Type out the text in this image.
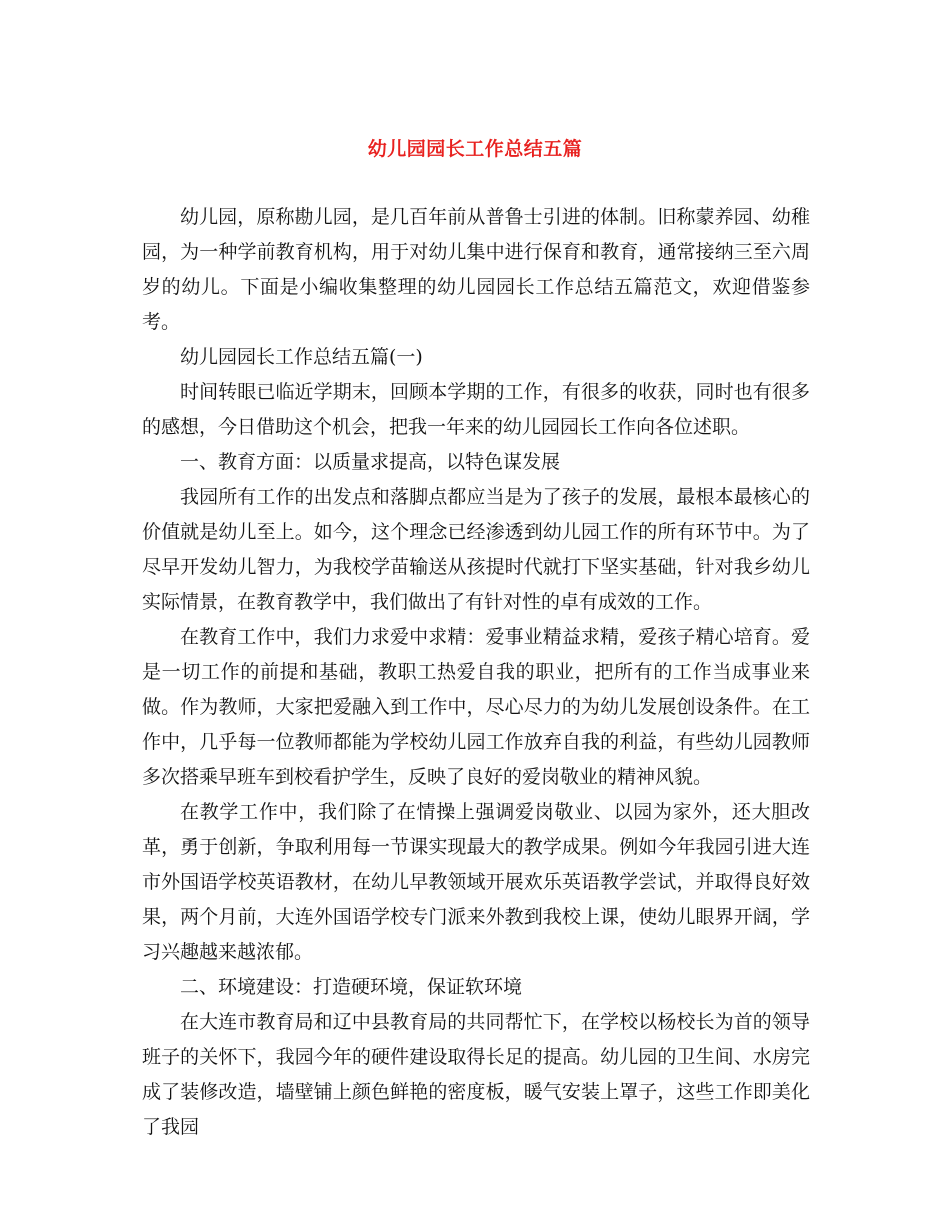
幼儿园园长工作总结五篇

幼儿园，原称勘儿园，是几百年前从普鲁士引进的体制。旧称蒙养园、幼稚园，为一种学前教育机构，用于对幼儿集中进行保育和教育，通常接纳三至六周岁的幼儿。下面是小编收集整理的幼儿园园长工作总结五篇范文，欢迎借鉴参考。

幼儿园园长工作总结五篇(一)

时间转眼已临近学期末，回顾本学期的工作，有很多的收获，同时也有很多的感想，今日借助这个机会，把我一年来的幼儿园园长工作向各位述职。

一、教育方面：以质量求提高，以特色谋发展

我园所有工作的出发点和落脚点都应当是为了孩子的发展，最根本最核心的价值就是幼儿至上。如今，这个理念已经渗透到幼儿园工作的所有环节中。为了尽早开发幼儿智力，为我校学苗输送从孩提时代就打下坚实基础，针对我乡幼儿实际情景，在教育教学中，我们做出了有针对性的卓有成效的工作。

在教育工作中，我们力求爱中求精：爱事业精益求精，爱孩子精心培育。爱是一切工作的前提和基础，教职工热爱自我的职业，把所有的工作当成事业来做。作为教师，大家把爱融入到工作中，尽心尽力的为幼儿发展创设条件。在工作中，几乎每一位教师都能为学校幼儿园工作放弃自我的利益，有些幼儿园教师多次搭乘早班车到校看护学生，反映了良好的爱岗敬业的精神风貌。

在教学工作中，我们除了在情操上强调爱岗敬业、以园为家外，还大胆改革，勇于创新，争取利用每一节课实现最大的教学成果。例如今年我园引进大连市外国语学校英语教材，在幼儿早教领域开展欢乐英语教学尝试，并取得良好效果，两个月前，大连外国语学校专门派来外教到我校上课，使幼儿眼界开阔，学习兴趣越来越浓郁。

二、环境建设：打造硬环境，保证软环境

在大连市教育局和辽中县教育局的共同帮忙下，在学校以杨校长为首的领导班子的关怀下，我园今年的硬件建设取得长足的提高。幼儿园的卫生间、水房完成了装修改造，墙壁铺上颜色鲜艳的密度板，暖气安装上罩子，这些工作即美化了我园
